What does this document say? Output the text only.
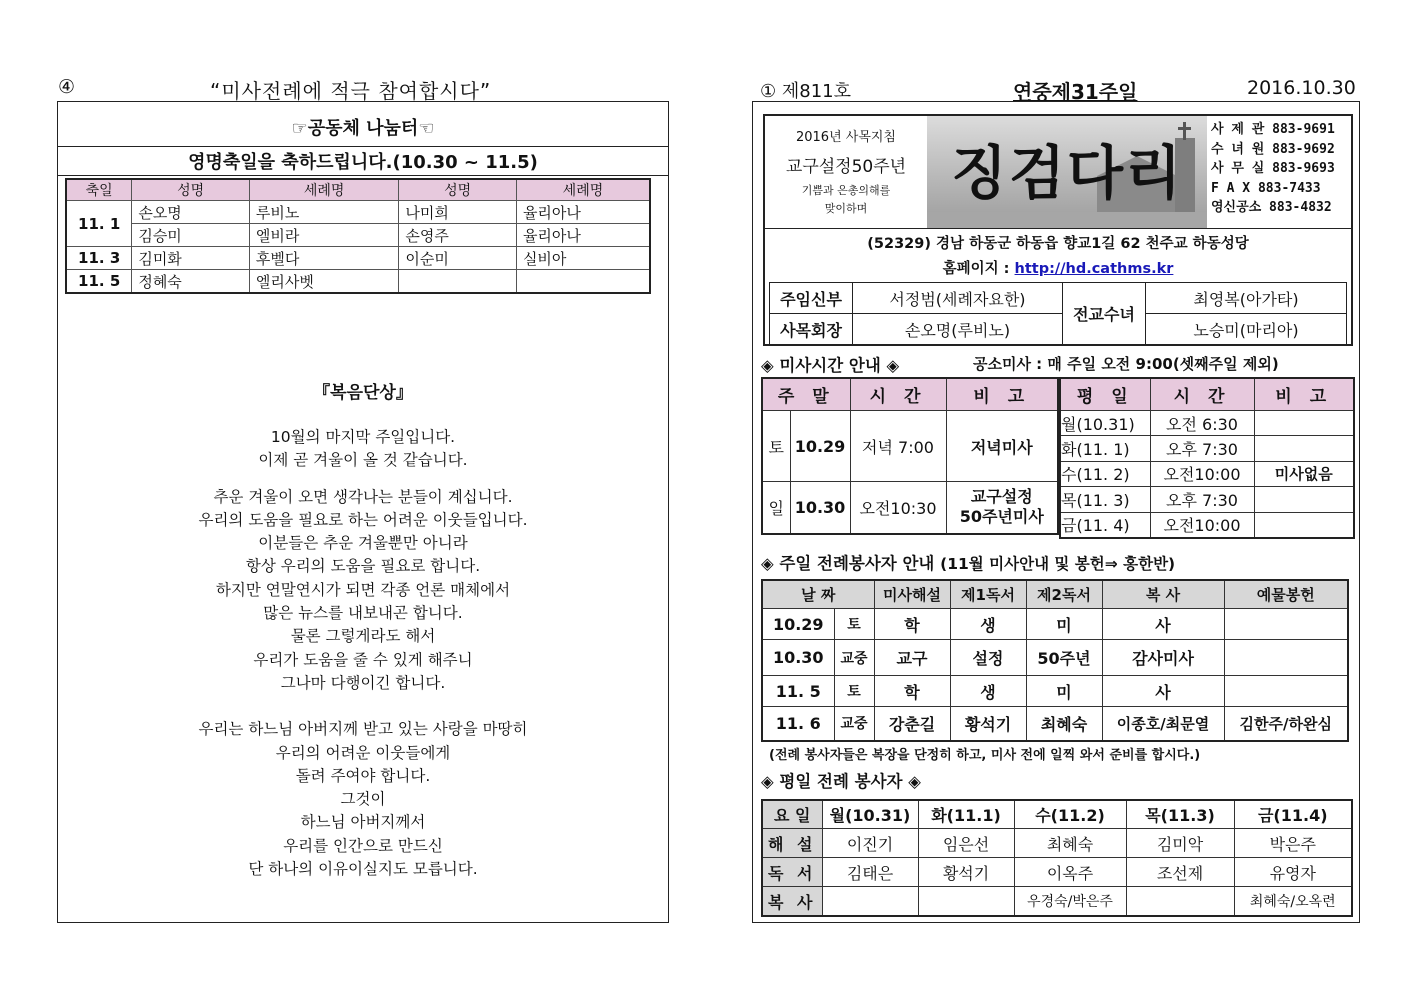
④	“미사전례에 적극 참여합시다”
☞공동체 나눔터☜
영명축일을 축하드립니다.(10.30 ~ 11.5)
축일	성명	세례명	성명	세례명
11. 1	손오명	루비노	나미희	율리아나
	김승미	엘비라	손영주	율리아나
11. 3	김미화	후벨다	이순미	실비아
11. 5	정혜숙	엘리사벳		
『복음단상』
10월의 마지막 주일입니다.
이제 곧 겨울이 올 것 같습니다.
추운 겨울이 오면 생각나는 분들이 계십니다.
우리의 도움을 필요로 하는 어려운 이웃들입니다.
이분들은 추운 겨울뿐만 아니라
항상 우리의 도움을 필요로 합니다.
하지만 연말연시가 되면 각종 언론 매체에서
많은 뉴스를 내보내곤 합니다.
물론 그렇게라도 해서
우리가 도움을 줄 수 있게 해주니
그나마 다행이긴 합니다.
우리는 하느님 아버지께 받고 있는 사랑을 마땅히
우리의 어려운 이웃들에게
돌려 주여야 합니다.
그것이
하느님 아버지께서
우리를 인간으로 만드신
단 하나의 이유이실지도 모릅니다.
① 제811호	연중제31주일	2016.10.30
2016년 사목지침
교구설정50주년
기쁨과 은총의해를
맞이하며
징검다리
사 제 관 883-9691
수 녀 원 883-9692
사 무 실 883-9693
F A X 883-7433
영신공소 883-4832
(52329) 경남 하동군 하동읍 향교1길 62 천주교 하동성당
홈페이지 : http://hd.cathms.kr
주임신부	서정범(세례자요한)	전교수녀	최영복(아가타)
사목회장	손오명(루비노)		노승미(마리아)
◈ 미사시간 안내 ◈	공소미사 : 매 주일 오전 9:00(셋째주일 제외)
주 말		시 간	비 고
토	10.29	저녁 7:00	저녁미사
일	10.30	오전10:30	교구설정
50주년미사
평 일	시 간	비 고
월(10.31)	오전 6:30	
화(11. 1)	오후 7:30	
수(11. 2)	오전10:00	미사없음
목(11. 3)	오후 7:30	
금(11. 4)	오전10:00	
◈ 주일 전례봉사자 안내 (11월 미사안내 및 봉헌⇒ 홍한반)
날 짜		미사해설	제1독서	제2독서	복 사	예물봉헌
10.29	토	학	생	미	사	
10.30	교중	교구	설정	50주년	감사미사	
11. 5	토	학	생	미	사	
11. 6	교중	강춘길	황석기	최혜숙	이종호/최문열	김한주/하완심
(전례 봉사자들은 복장을 단정히 하고, 미사 전에 일찍 와서 준비를 합시다.)
◈ 평일 전례 봉사자 ◈
요 일	월(10.31)	화(11.1)	수(11.2)	목(11.3)	금(11.4)
해 설	이진기	임은선	최혜숙	김미악	박은주
독 서	김태은	황석기	이옥주	조선제	유영자
복 사			우경숙/박은주		최혜숙/오옥련
